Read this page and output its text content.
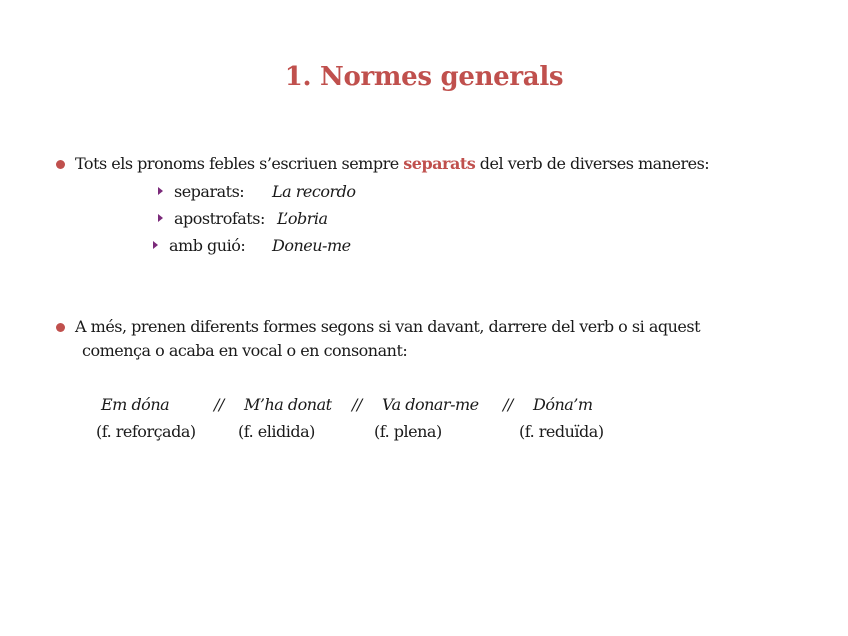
1. Normes generals
Tots els pronoms febles s’escriuen sempre separats del verb de diverses maneres:
separats: La recordo
apostrofats: L’obria
amb guió: Doneu-me
A més, prenen diferents formes segons si van davant, darrere del verb o si aquest
comença o acaba en vocal o en consonant:
Em dóna	// M’ha donat // Va donar-me // Dóna’m
(f. reforçada)	(f. elidida)	(f. plena)	(f. reduïda)
